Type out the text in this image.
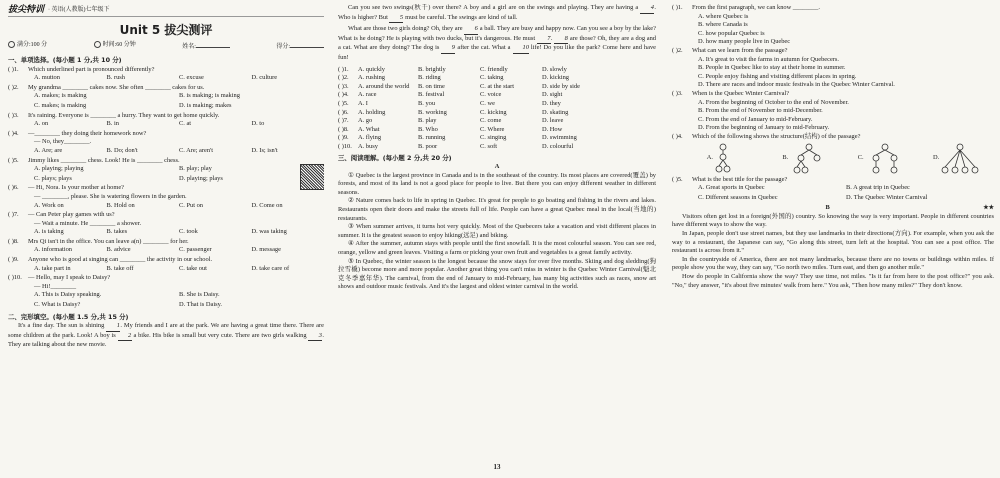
拔尖特训 · 英语(人教版)七年级下
Unit 5 拔尖测评
满分:100 分	时间:60 分钟	姓名:	得分:
一、单项选择。(每小题 1 分,共 10 分)
( )1.	Which underlined part is pronounced differently?
A. mutton	B. rush	C. excuse	D. culture
( )2.	My grandma ________ cakes now. She often ________ cakes for us.
A. makes; is making	B. is making; is making
C. makes; is making	D. is making; makes
( )3.	It's raining. Everyone is ________ a hurry. They want to get home quickly.
A. on	B. in	C. at	D. to
( )4.	—________ they doing their homework now?
— No, they________.
A. Are; are	B. Do; don't	C. Are; aren't	D. Is; isn't
( )5.	Jimmy likes ________ chess. Look! He is ________ chess.
A. playing; playing	B. play; play
C. plays; plays	D. playing; plays
( )6.	— Hi, Nora. Is your mother at home?
— ________, please. She is watering flowers in the garden.
A. Work on	B. Hold on	C. Put on	D. Come on
( )7.	— Can Peter play games with us?
— Wait a minute. He ________ a shower.
A. is taking	B. takes	C. took	D. was taking
( )8.	Mrs Qi isn't in the office. You can leave a(n) ________ for her.
A. information	B. advice	C. passenger	D. message
( )9.	Anyone who is good at singing can ________ the activity in our school.
A. take part in	B. take off	C. take out	D. take care of
( )10. — Hello, may I speak to Daisy?
— Hi!________
A. This is Daisy speaking.	B. She is Daisy.
C. What is Daisy?	D. That is Daisy.
二、完形填空。(每小题 1.5 分,共 15 分)

It's a fine day. The sun is shining 1. My friends and I are at the park. We are having a great time there. There are some children at the park. Look! A boy is 2 a bike. His bike is small but very cute. There are two girls walking 3. They are talking about the new movie.

Can you see two swings(秋千) over there? A boy and a girl are on the swings and playing. They are having a 4. Who is higher? But 5 must be careful. The swings are kind of tall.

What are those two girls doing? Oh, they are 6 a ball. They are busy and happy now. Can you see a boy by the lake? What is he doing? He is playing with two ducks, but it's dangerous. He must 7. 8 are those? Oh, they are a dog and a cat. What are they doing? The dog is 9 after the cat. What a 10 life! Do you like the park? Come here and have fun!

( )1.	A. quickly	B. brightly	C. friendly	D. slowly
( )2.	A. rushing	B. riding	C. taking	D. kicking
( )3.	A. around the world	B. on time	C. at the start	D. side by side
( )4.	A. race	B. festival	C. voice	D. sight
( )5.	A. I	B. you	C. we	D. they
( )6.	A. holding	B. working	C. kicking	D. skating
( )7.	A. go	B. play	C. come	D. leave
( )8.	A. What	B. Who	C. Where	D. How
( )9.	A. flying	B. running	C. singing	D. swimming
( )10. A. busy	B. poor	C. soft	D. colourful
三、阅读理解。(每小题 2 分,共 20 分)
A

① Quebec is the largest province in Canada and is in the southeast of the country. Its most places are covered(覆盖) by forests, and most of its land is not a good place for people to live. But there you can enjoy different weather in different seasons.

② Nature comes back to life in spring in Quebec. It's great for people to go boating and fishing in the rivers and lakes. Restaurants open their doors and make the streets full of life. People can have a great Quebec meal in the local(当地的) restaurants.

③ When summer arrives, it turns hot very quickly. Most of the Quebecers take a vacation and visit different places in summer. It is the greatest season to enjoy hiking(远足) and biking.

④ After the summer, autumn stays with people until the first snowfall. It is the most colourful season. You can see red, orange, yellow and green leaves. Visiting a farm or picking your own fruit and vegetables is a great family activity.

⑤ In Quebec, the winter season is the longest because the snow stays for over five months. Skiing and dog sledding(狗拉雪橇) become more and more popular. Another great thing you can't miss in winter is the Quebec Winter Carnival(魁北克冬季嘉年华). The carnival, from the end of January to mid-February, has many big activities such as races, snow art shows and outdoor music festivals. And it's the largest and oldest winter carnival in the world.

13
( )1.	From the first paragraph, we can know ________.
A. where Quebec is
B. where Canada is
C. how popular Quebec is
D. how many people live in Quebec
( )2.	What can we learn from the passage?
A. It's great to visit the farms in autumn for Quebecers.
B. People in Quebec like to stay at their home in summer.
C. People enjoy fishing and visiting different places in spring.
D. There are races and indoor music festivals in the Quebec Winter Carnival.
( )3.	When is the Quebec Winter Carnival?
A. From the beginning of October to the end of November.
B. From the end of November to mid-December.
C. From the end of January to mid-February.
D. From the beginning of January to mid-February.
( )4.	Which of the following shows the structure(结构) of the passage?
A.	B.	C.	D.
( )5.	What is the best title for the passage?
A. Great sports in Quebec	B. A great trip in Quebec
C. Different seasons in Quebec	D. The Quebec Winter Carnival
B	★★

Visitors often get lost in a foreign(外国的) country. So knowing the way is very important. People in different countries have different ways to show the way.

In Japan, people don't use street names, but they use landmarks in their directions(方向). For example, when you ask the way to a restaurant, the Japanese can say, "Go along this street, turn left at the hospital. You can see a post office. The restaurant is across from it."

In the countryside of America, there are not many landmarks, because there are no towns or buildings within miles. If people show you the way, they can say, "Go north two miles. Turn east, and then go another mile."

How do people in California show the way? They use time, not miles. "Is it far from here to the post office?" you ask. "No," they answer, "it's about five minutes' walk from here." You ask, "Then how many miles?" They don't know.
